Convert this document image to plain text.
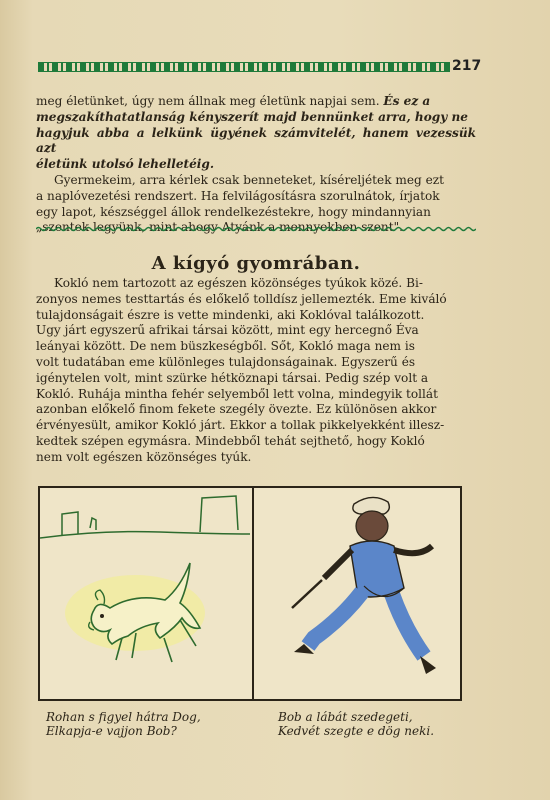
217
meg életünket, úgy nem állnak meg életünk napjai sem. És ez a
megszakíthatatlanság kényszerít majd bennünket arra, hogy ne
hagyjuk abba a lelkünk ügyének számvitelét, hanem vezessük azt
életünk utolsó lehelletéig.
Gyermekeim, arra kérlek csak benneteket, kíséreljétek meg ezt
a naplóvezetési rendszert. Ha felvilágosításra szorulnátok, írjatok
egy lapot, készséggel állok rendelkezéstekre, hogy mindannyian
„szentek legyünk, mint ahogy Atyánk a mennyekben szent".
A kígyó gyomrában.
Kokló nem tartozott az egészen közönséges tyúkok közé. Bi-
zonyos nemes testtartás és előkelő tolldísz jellemezték. Eme kiváló
tulajdonságait észre is vette mindenki, aki Koklóval találkozott.
Ugy járt egyszerű afrikai társai között, mint egy hercegnő Éva
leányai között. De nem büszkeségből. Sőt, Kokló maga nem is
volt tudatában eme különleges tulajdonságainak. Egyszerű és
igénytelen volt, mint szürke hétköznapi társai. Pedig szép volt a
Kokló. Ruhája mintha fehér selyemből lett volna, mindegyik tollát
azonban előkelő finom fekete szegély övezte. Ez különösen akkor
érvényesült, amikor Kokló járt. Ekkor a tollak pikkelyekként illesz-
kedtek szépen egymásra. Mindebből tehát sejthető, hogy Kokló
nem volt egészen közönséges tyúk.
Rohan s figyel hátra Dog,
Elkapja-e vajjon Bob?
Bob a lábát szedegeti,
Kedvét szegte e dög neki.
